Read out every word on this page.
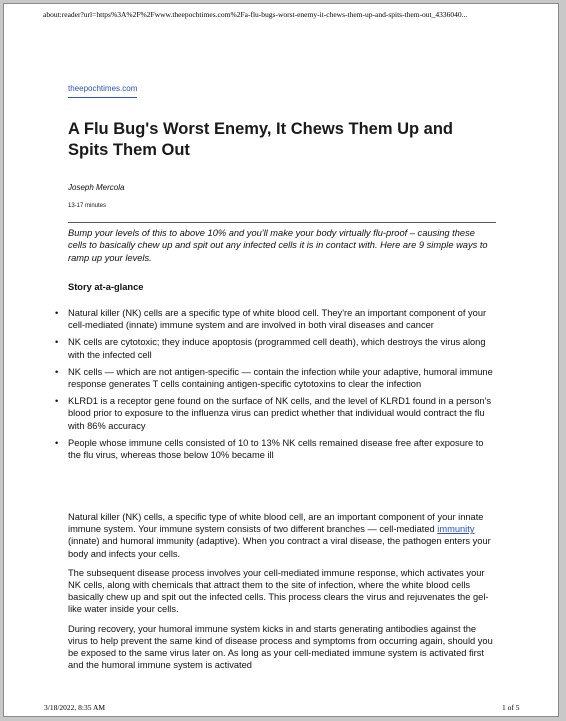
about:reader?url=https%3A%2F%2Fwww.theepochtimes.com%2Fa-flu-bugs-worst-enemy-it-chews-them-up-and-spits-them-out_4336040...
theepochtimes.com
A Flu Bug's Worst Enemy, It Chews Them Up and Spits Them Out
Joseph Mercola
13-17 minutes

Bump your levels of this to above 10% and you'll make your body virtually flu-proof – causing these cells to basically chew up and spit out any infected cells it is in contact with. Here are 9 simple ways to ramp up your levels.

Story at-a-glance
• Natural killer (NK) cells are a specific type of white blood cell. They're an important component of your cell-mediated (innate) immune system and are involved in both viral diseases and cancer
• NK cells are cytotoxic; they induce apoptosis (programmed cell death), which destroys the virus along with the infected cell
• NK cells — which are not antigen-specific — contain the infection while your adaptive, humoral immune response generates T cells containing antigen-specific cytotoxins to clear the infection
• KLRD1 is a receptor gene found on the surface of NK cells, and the level of KLRD1 found in a person's blood prior to exposure to the influenza virus can predict whether that individual would contract the flu with 86% accuracy
• People whose immune cells consisted of 10 to 13% NK cells remained disease free after exposure to the flu virus, whereas those below 10% became ill

Natural killer (NK) cells, a specific type of white blood cell, are an important component of your innate immune system. Your immune system consists of two different branches — cell-mediated immunity (innate) and humoral immunity (adaptive). When you contract a viral disease, the pathogen enters your body and infects your cells.

The subsequent disease process involves your cell-mediated immune response, which activates your NK cells, along with chemicals that attract them to the site of infection, where the white blood cells basically chew up and spit out the infected cells. This process clears the virus and rejuvenates the gel-like water inside your cells.

During recovery, your humoral immune system kicks in and starts generating antibodies against the virus to help prevent the same kind of disease process and symptoms from occurring again, should you be exposed to the same virus later on. As long as your cell-mediated immune system is activated first and the humoral immune system is activated

3/18/2022, 8:35 AM	1 of 5
